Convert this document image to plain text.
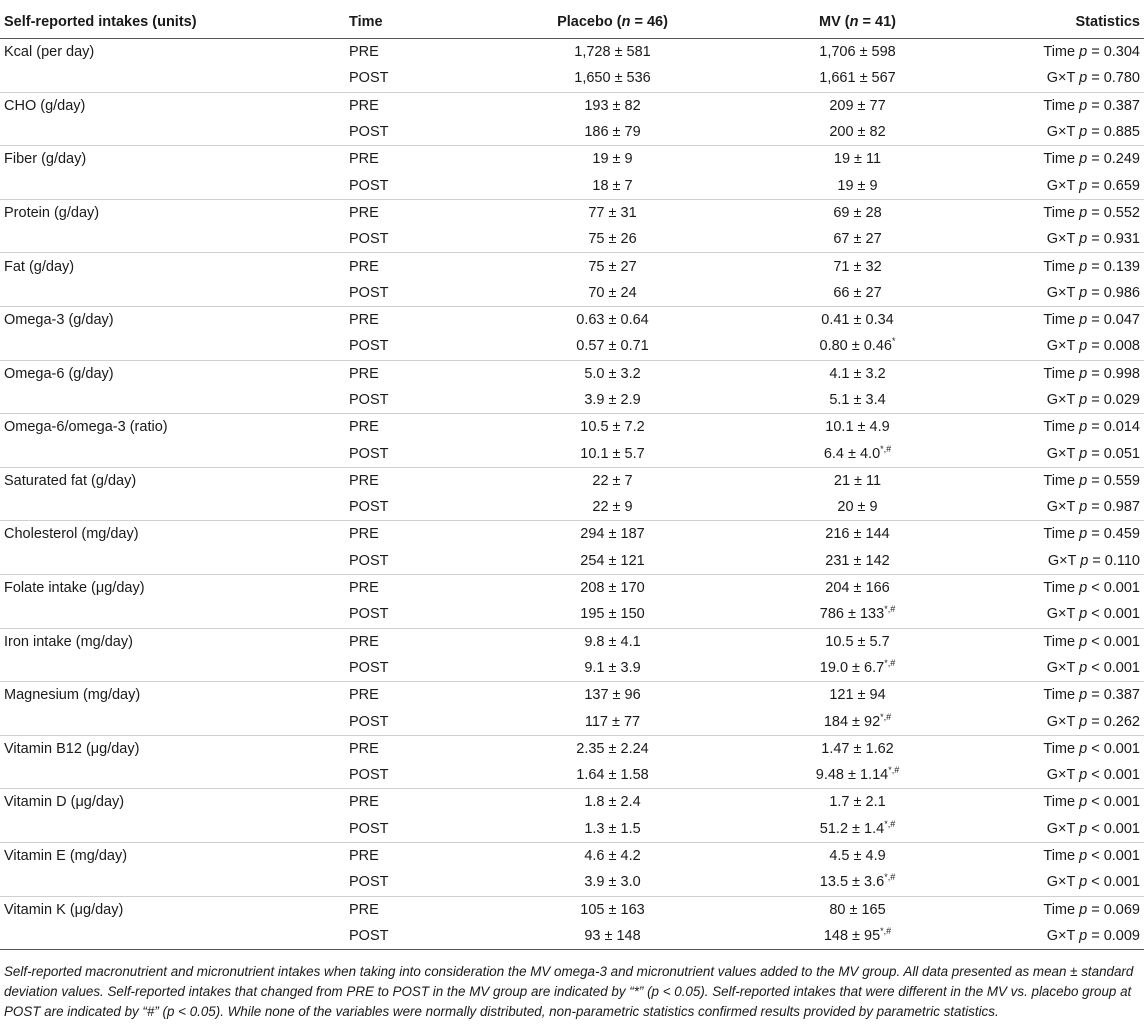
Self-reported intakes (units)	Time	Placebo (n = 46)	MV (n = 41)	Statistics
Kcal (per day)	PRE	1,728 ± 581	1,706 ± 598	Time p = 0.304
	POST	1,650 ± 536	1,661 ± 567	G×T p = 0.780
CHO (g/day)	PRE	193 ± 82	209 ± 77	Time p = 0.387
	POST	186 ± 79	200 ± 82	G×T p = 0.885
Fiber (g/day)	PRE	19 ± 9	19 ± 11	Time p = 0.249
	POST	18 ± 7	19 ± 9	G×T p = 0.659
Protein (g/day)	PRE	77 ± 31	69 ± 28	Time p = 0.552
	POST	75 ± 26	67 ± 27	G×T p = 0.931
Fat (g/day)	PRE	75 ± 27	71 ± 32	Time p = 0.139
	POST	70 ± 24	66 ± 27	G×T p = 0.986
Omega-3 (g/day)	PRE	0.63 ± 0.64	0.41 ± 0.34	Time p = 0.047
	POST	0.57 ± 0.71	0.80 ± 0.46*	G×T p = 0.008
Omega-6 (g/day)	PRE	5.0 ± 3.2	4.1 ± 3.2	Time p = 0.998
	POST	3.9 ± 2.9	5.1 ± 3.4	G×T p = 0.029
Omega-6/omega-3 (ratio)	PRE	10.5 ± 7.2	10.1 ± 4.9	Time p = 0.014
	POST	10.1 ± 5.7	6.4 ± 4.0*,#	G×T p = 0.051
Saturated fat (g/day)	PRE	22 ± 7	21 ± 11	Time p = 0.559
	POST	22 ± 9	20 ± 9	G×T p = 0.987
Cholesterol (mg/day)	PRE	294 ± 187	216 ± 144	Time p = 0.459
	POST	254 ± 121	231 ± 142	G×T p = 0.110
Folate intake (μg/day)	PRE	208 ± 170	204 ± 166	Time p < 0.001
	POST	195 ± 150	786 ± 133*,#	G×T p < 0.001
Iron intake (mg/day)	PRE	9.8 ± 4.1	10.5 ± 5.7	Time p < 0.001
	POST	9.1 ± 3.9	19.0 ± 6.7*,#	G×T p < 0.001
Magnesium (mg/day)	PRE	137 ± 96	121 ± 94	Time p = 0.387
	POST	117 ± 77	184 ± 92*,#	G×T p = 0.262
Vitamin B12 (μg/day)	PRE	2.35 ± 2.24	1.47 ± 1.62	Time p < 0.001
	POST	1.64 ± 1.58	9.48 ± 1.14*,#	G×T p < 0.001
Vitamin D (μg/day)	PRE	1.8 ± 2.4	1.7 ± 2.1	Time p < 0.001
	POST	1.3 ± 1.5	51.2 ± 1.4*,#	G×T p < 0.001
Vitamin E (mg/day)	PRE	4.6 ± 4.2	4.5 ± 4.9	Time p < 0.001
	POST	3.9 ± 3.0	13.5 ± 3.6*,#	G×T p < 0.001
Vitamin K (μg/day)	PRE	105 ± 163	80 ± 165	Time p = 0.069
	POST	93 ± 148	148 ± 95*,#	G×T p = 0.009

Self-reported macronutrient and micronutrient intakes when taking into consideration the MV omega-3 and micronutrient values added to the MV group. All data presented as mean ± standard deviation values. Self-reported intakes that changed from PRE to POST in the MV group are indicated by “*” (p < 0.05). Self-reported intakes that were different in the MV vs. placebo group at POST are indicated by “#” (p < 0.05). While none of the variables were normally distributed, non-parametric statistics confirmed results provided by parametric statistics.
